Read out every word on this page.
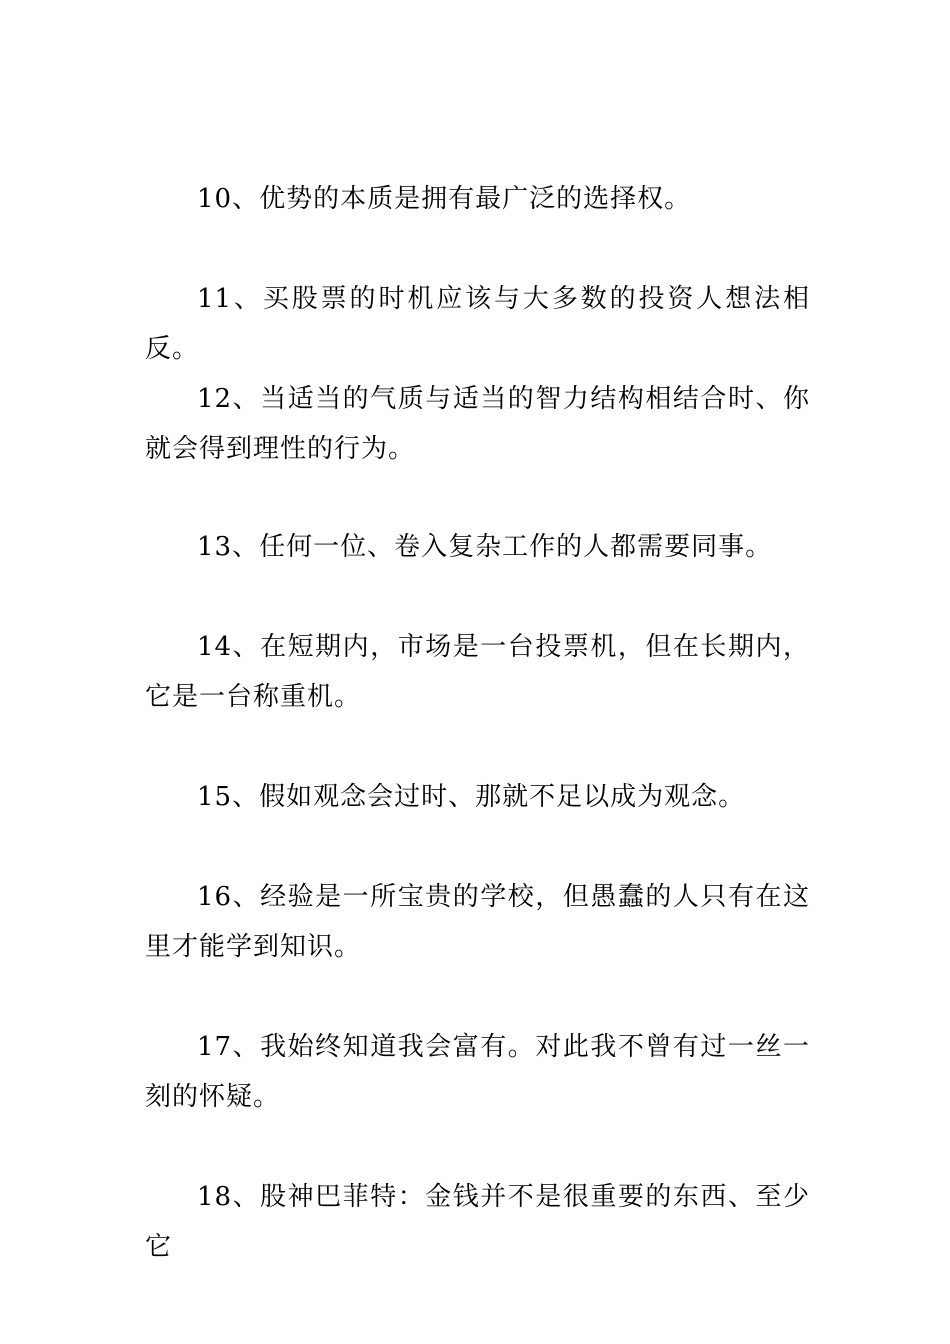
10、优势的本质是拥有最广泛的选择权。

11、买股票的时机应该与大多数的投资人想法相反。

12、当适当的气质与适当的智力结构相结合时、你就会得到理性的行为。

13、任何一位、卷入复杂工作的人都需要同事。

14、在短期内，市场是一台投票机，但在长期内，它是一台称重机。

15、假如观念会过时、那就不足以成为观念。

16、经验是一所宝贵的学校，但愚蠢的人只有在这里才能学到知识。

17、我始终知道我会富有。对此我不曾有过一丝一刻的怀疑。

18、股神巴菲特：金钱并不是很重要的东西、至少它
